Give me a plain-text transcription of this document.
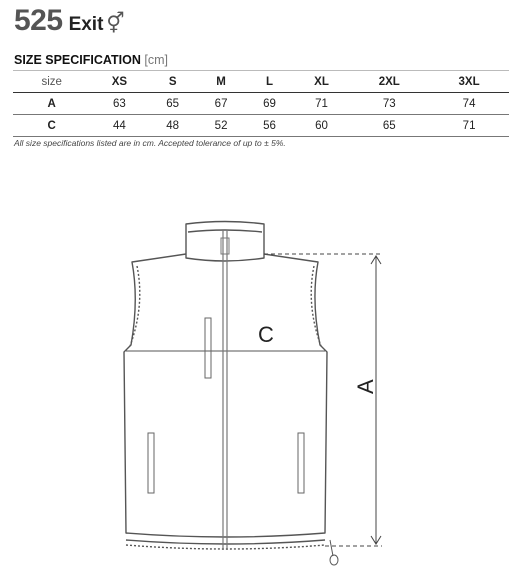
525 Exit ⚥
SIZE SPECIFICATION [cm]
size	XS	S	M	L	XL	2XL	3XL
A	63	65	67	69	71	73	74
C	44	48	52	56	60	65	71
All size specifications listed are in cm. Accepted tolerance of up to ± 5%.
C
A
